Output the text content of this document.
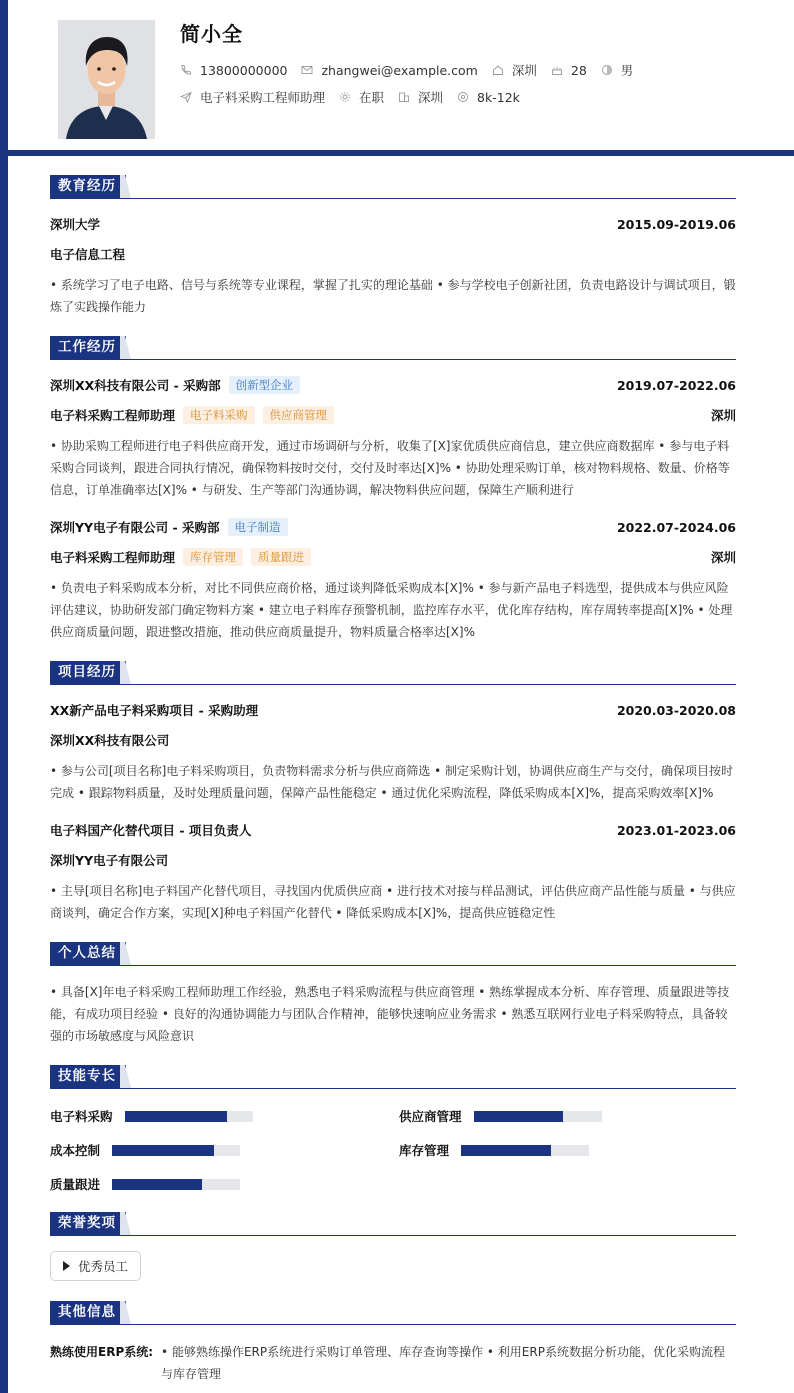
简小全
13800000000	zhangwei@example.com	深圳	28	男
电子料采购工程师助理	在职	深圳	8k-12k
教育经历
深圳大学	2015.09-2019.06
电子信息工程
• 系统学习了电子电路、信号与系统等专业课程，掌握了扎实的理论基础 • 参与学校电子创新社团，负责电路设计与调试项目，锻炼了实践操作能力
工作经历
深圳XX科技有限公司 - 采购部	创新型企业	2019.07-2022.06
电子料采购工程师助理	电子料采购	供应商管理	深圳
• 协助采购工程师进行电子料供应商开发，通过市场调研与分析，收集了[X]家优质供应商信息，建立供应商数据库 • 参与电子料采购合同谈判，跟进合同执行情况，确保物料按时交付，交付及时率达[X]% • 协助处理采购订单，核对物料规格、数量、价格等信息，订单准确率达[X]% • 与研发、生产等部门沟通协调，解决物料供应问题，保障生产顺利进行
深圳YY电子有限公司 - 采购部	电子制造	2022.07-2024.06
电子料采购工程师助理	库存管理	质量跟进	深圳
• 负责电子料采购成本分析，对比不同供应商价格，通过谈判降低采购成本[X]% • 参与新产品电子料选型，提供成本与供应风险评估建议，协助研发部门确定物料方案 • 建立电子料库存预警机制，监控库存水平，优化库存结构，库存周转率提高[X]% • 处理供应商质量问题，跟进整改措施，推动供应商质量提升，物料质量合格率达[X]%
项目经历
XX新产品电子料采购项目 - 采购助理	2020.03-2020.08
深圳XX科技有限公司
• 参与公司[项目名称]电子料采购项目，负责物料需求分析与供应商筛选 • 制定采购计划，协调供应商生产与交付，确保项目按时完成 • 跟踪物料质量，及时处理质量问题，保障产品性能稳定 • 通过优化采购流程，降低采购成本[X]%，提高采购效率[X]%
电子料国产化替代项目 - 项目负责人	2023.01-2023.06
深圳YY电子有限公司
• 主导[项目名称]电子料国产化替代项目，寻找国内优质供应商 • 进行技术对接与样品测试，评估供应商产品性能与质量 • 与供应商谈判，确定合作方案，实现[X]种电子料国产化替代 • 降低采购成本[X]%，提高供应链稳定性
个人总结
• 具备[X]年电子料采购工程师助理工作经验，熟悉电子料采购流程与供应商管理 • 熟练掌握成本分析、库存管理、质量跟进等技能，有成功项目经验 • 良好的沟通协调能力与团队合作精神，能够快速响应业务需求 • 熟悉互联网行业电子料采购特点，具备较强的市场敏感度与风险意识
技能专长
电子料采购	供应商管理
成本控制	库存管理
质量跟进
荣誉奖项
优秀员工
其他信息
熟练使用ERP系统: • 能够熟练操作ERP系统进行采购订单管理、库存查询等操作 • 利用ERP系统数据分析功能，优化采购流程与库存管理
